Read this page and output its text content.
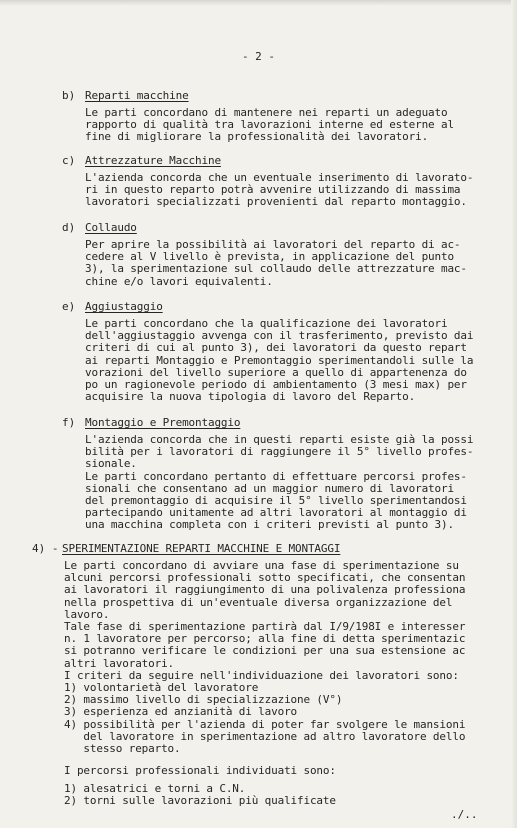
- 2 -
b) Reparti macchine
Le parti concordano di mantenere nei reparti un adeguato
rapporto di qualità tra lavorazioni interne ed esterne al
fine di migliorare la professionalità dei lavoratori.
c) Attrezzature Macchine
L'azienda concorda che un eventuale inserimento di lavorato-
ri in questo reparto potrà avvenire utilizzando di massima
lavoratori specializzati provenienti dal reparto montaggio.
d) Collaudo
Per aprire la possibilità ai lavoratori del reparto di ac-
cedere al V livello è prevista, in applicazione del punto
3), la sperimentazione sul collaudo delle attrezzature mac-
chine e/o lavori equivalenti.
e) Aggiustaggio
Le parti concordano che la qualificazione dei lavoratori
dell'aggiustaggio avvenga con il trasferimento, previsto dai
criteri di cui al punto 3), dei lavoratori da questo repart
ai reparti Montaggio e Premontaggio sperimentandoli sulle la
vorazioni del livello superiore a quello di appartenenza do
po un ragionevole periodo di ambientamento (3 mesi max) per
acquisire la nuova tipologia di lavoro del Reparto.
f) Montaggio e Premontaggio
L'azienda concorda che in questi reparti esiste già la possi
bilità per i lavoratori di raggiungere il 5° livello profes-
sionale.
Le parti concordano pertanto di effettuare percorsi profes-
sionali che consentano ad un maggior numero di lavoratori
del premontaggio di acquisire il 5° livello sperimentandosi
partecipando unitamente ad altri lavoratori al montaggio di
una macchina completa con i criteri previsti al punto 3).
4) - SPERIMENTAZIONE REPARTI MACCHINE E MONTAGGI
Le parti concordano di avviare una fase di sperimentazione su
alcuni percorsi professionali sotto specificati, che consentan
ai lavoratori il raggiungimento di una polivalenza professiona
nella prospettiva di un'eventuale diversa organizzazione del
lavoro.
Tale fase di sperimentazione partirà dal I/9/198I e interesser
n. 1 lavoratore per percorso; alla fine di detta sperimentazic
si potranno verificare le condizioni per una sua estensione ac
altri lavoratori.
I criteri da seguire nell'individuazione dei lavoratori sono:
1) volontarietà del lavoratore
2) massimo livello di specializzazione (V°)
3) esperienza ed anzianità di lavoro
4) possibilità per l'azienda di poter far svolgere le mansioni
del lavoratore in sperimentazione ad altro lavoratore dello
stesso reparto.
I percorsi professionali individuati sono:
1) alesatrici e torni a C.N.
2) torni sulle lavorazioni più qualificate
./..
